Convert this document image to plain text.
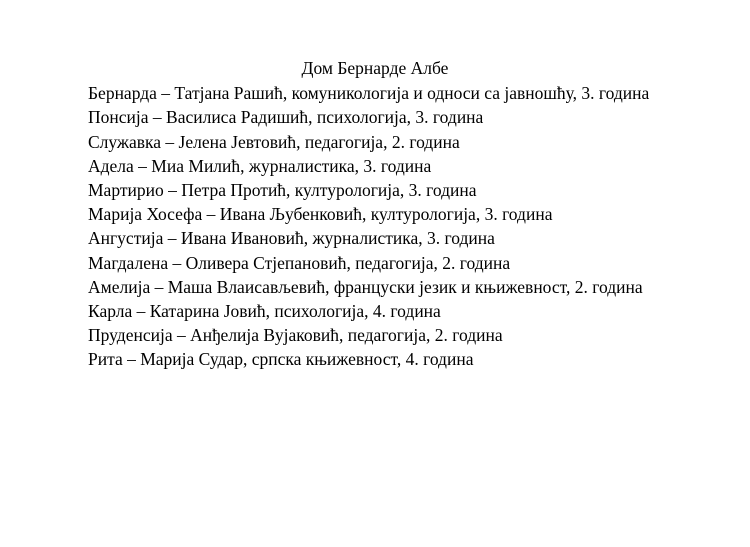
Дом Бернарде Албе

Бернарда – Татјана Рашић, комуникологија и односи са јавношћу, 3. година

Понсија – Василиса Радишић, психологија, 3. година

Служавка – Јелена Јевтовић, педагогија, 2. година

Адела – Миа Милић, журналистика, 3. година

Мартирио – Петра Протић, културологија, 3. година

Марија Хосефа – Ивана Љубенковић, културологија, 3. година

Ангустија – Ивана Ивановић, журналистика, 3. година

Магдалена – Оливера Стјепановић, педагогија, 2. година

Амелија – Маша Влаисављевић, француски језик и књижевност, 2. година

Карла – Катарина Јовић, психологија, 4. година

Пруденсија – Анђелија Вујаковић, педагогија, 2. година

Рита – Марија Судар, српска књижевност, 4. година
